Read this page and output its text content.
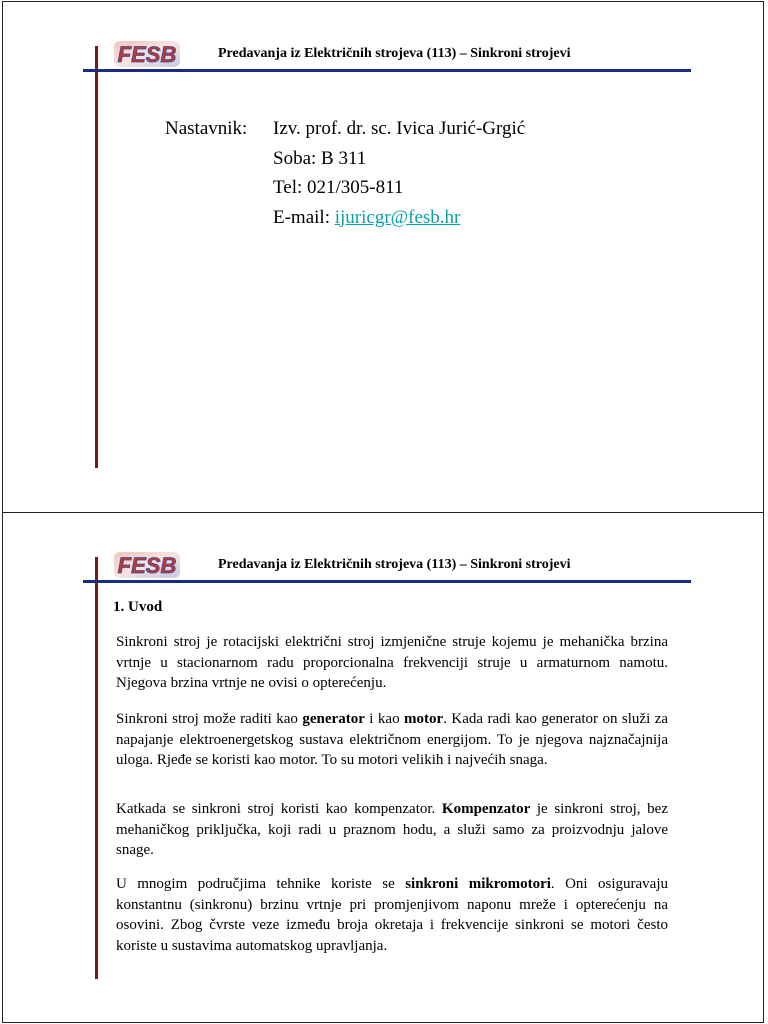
FESB	Predavanja iz Električnih strojeva (113) – Sinkroni strojevi
Nastavnik: Izv. prof. dr. sc. Ivica Jurić-Grgić
Soba: B 311
Tel: 021/305-811
E-mail: ijuricgr@fesb.hr
FESB	Predavanja iz Električnih strojeva (113) – Sinkroni strojevi
1. Uvod
Sinkroni stroj je rotacijski električni stroj izmjenične struje kojemu je mehanička brzina vrtnje u stacionarnom radu proporcionalna frekvenciji struje u armaturnom namotu. Njegova brzina vrtnje ne ovisi o opterećenju.
Sinkroni stroj može raditi kao generator i kao motor. Kada radi kao generator on služi za napajanje elektroenergetskog sustava električnom energijom. To je njegova najznačajnija uloga. Rjeđe se koristi kao motor. To su motori velikih i najvećih snaga.
Katkada se sinkroni stroj koristi kao kompenzator. Kompenzator je sinkroni stroj, bez mehaničkog priključka, koji radi u praznom hodu, a služi samo za proizvodnju jalove snage.
U mnogim područjima tehnike koriste se sinkroni mikromotori. Oni osiguravaju konstantnu (sinkronu) brzinu vrtnje pri promjenjivom naponu mreže i opterećenju na osovini. Zbog čvrste veze između broja okretaja i frekvencije sinkroni se motori često koriste u sustavima automatskog upravljanja.
